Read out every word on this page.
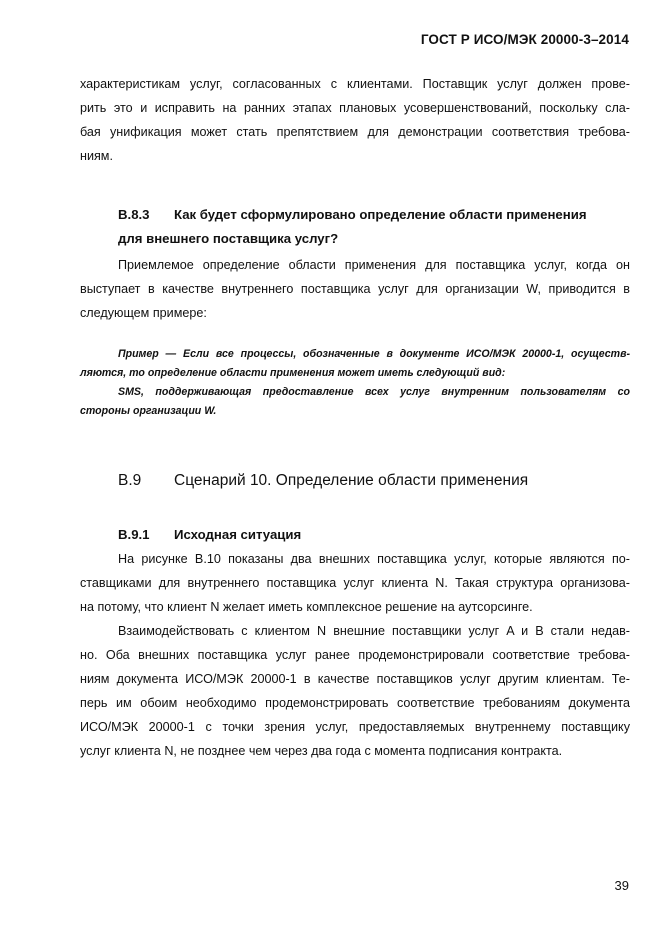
ГОСТ Р ИСО/МЭК 20000-3–2014
характеристикам услуг, согласованных с клиентами. Поставщик услуг должен прове-
рить это и исправить на ранних этапах плановых усовершенствований, поскольку сла-
бая унификация может стать препятствием для демонстрации соответствия требова-
ниям.
B.8.3 Как будет сформулировано определение области применения
для внешнего поставщика услуг?
Приемлемое определение области применения для поставщика услуг, когда он
выступает в качестве внутреннего поставщика услуг для организации W, приводится в
следующем примере:
Пример — Если все процессы, обозначенные в документе ИСО/МЭК 20000-1, осуществ-
ляются, то определение области применения может иметь следующий вид:
SMS, поддерживающая предоставление всех услуг внутренним пользователям со
стороны организации W.
B.9 Сценарий 10. Определение области применения
B.9.1 Исходная ситуация
На рисунке B.10 показаны два внешних поставщика услуг, которые являются по-
ставщиками для внутреннего поставщика услуг клиента N. Такая структура организова-
на потому, что клиент N желает иметь комплексное решение на аутсорсинге.
Взаимодействовать с клиентом N внешние поставщики услуг A и B стали недав-
но. Оба внешних поставщика услуг ранее продемонстрировали соответствие требова-
ниям документа ИСО/МЭК 20000-1 в качестве поставщиков услуг другим клиентам. Те-
перь им обоим необходимо продемонстрировать соответствие требованиям документа
ИСО/МЭК 20000-1 с точки зрения услуг, предоставляемых внутреннему поставщику
услуг клиента N, не позднее чем через два года с момента подписания контракта.
39
